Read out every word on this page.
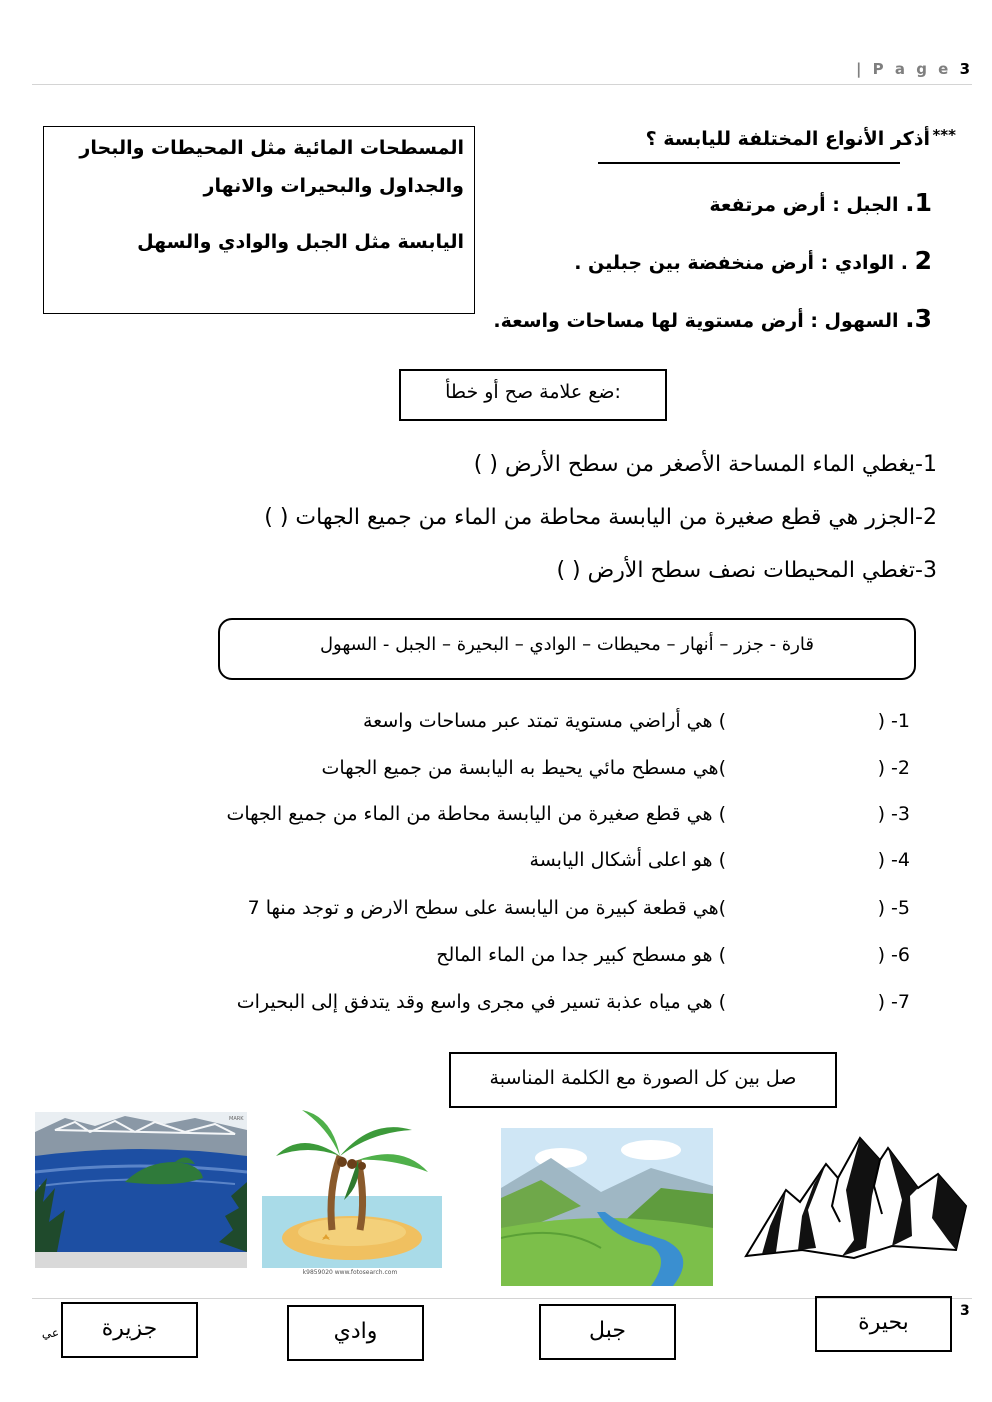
| P a g e 3
المسطحات المائية مثل المحيطات والبحار
والجداول والبحيرات والانهار
اليابسة مثل الجبل والوادي والسهل
***
أذكر الأنواع المختلفة لليابسة ؟
1. الجبل : أرض مرتفعة
2 . الوادي : أرض منخفضة بين جبلين .
3. السهول : أرض مستوية لها مساحات واسعة.
ضع علامة صح أو خطأ:
1-يغطي الماء المساحة الأصغر من سطح الأرض ( )
2-الجزر هي قطع صغيرة من اليابسة محاطة من الماء من جميع الجهات ( )
3-تغطي المحيطات نصف سطح الأرض ( )
قارة - جزر – أنهار – محيطات – الوادي – البحيرة – الجبل - السهول
1- (
) هي أراضي مستوية تمتد عبر مساحات واسعة
2- (
)هي مسطح مائي يحيط به اليابسة من جميع الجهات
3- (
) هي قطع صغيرة من اليابسة محاطة من الماء من جميع الجهات
4- (
) هو اعلى أشكال اليابسة
5- (
)هي قطعة كبيرة من اليابسة على سطح الارض و توجد منها 7
6- (
) هو مسطح كبير جدا من الماء المالح
7- (
) هي مياه عذبة تسير في مجرى واسع وقد يتدفق إلى البحيرات
صل بين كل الصورة مع الكلمة المناسبة
MARK
k9859020 www.fotosearch.com
جزيرة	وادي	جبل	بحيرة	3
عي
